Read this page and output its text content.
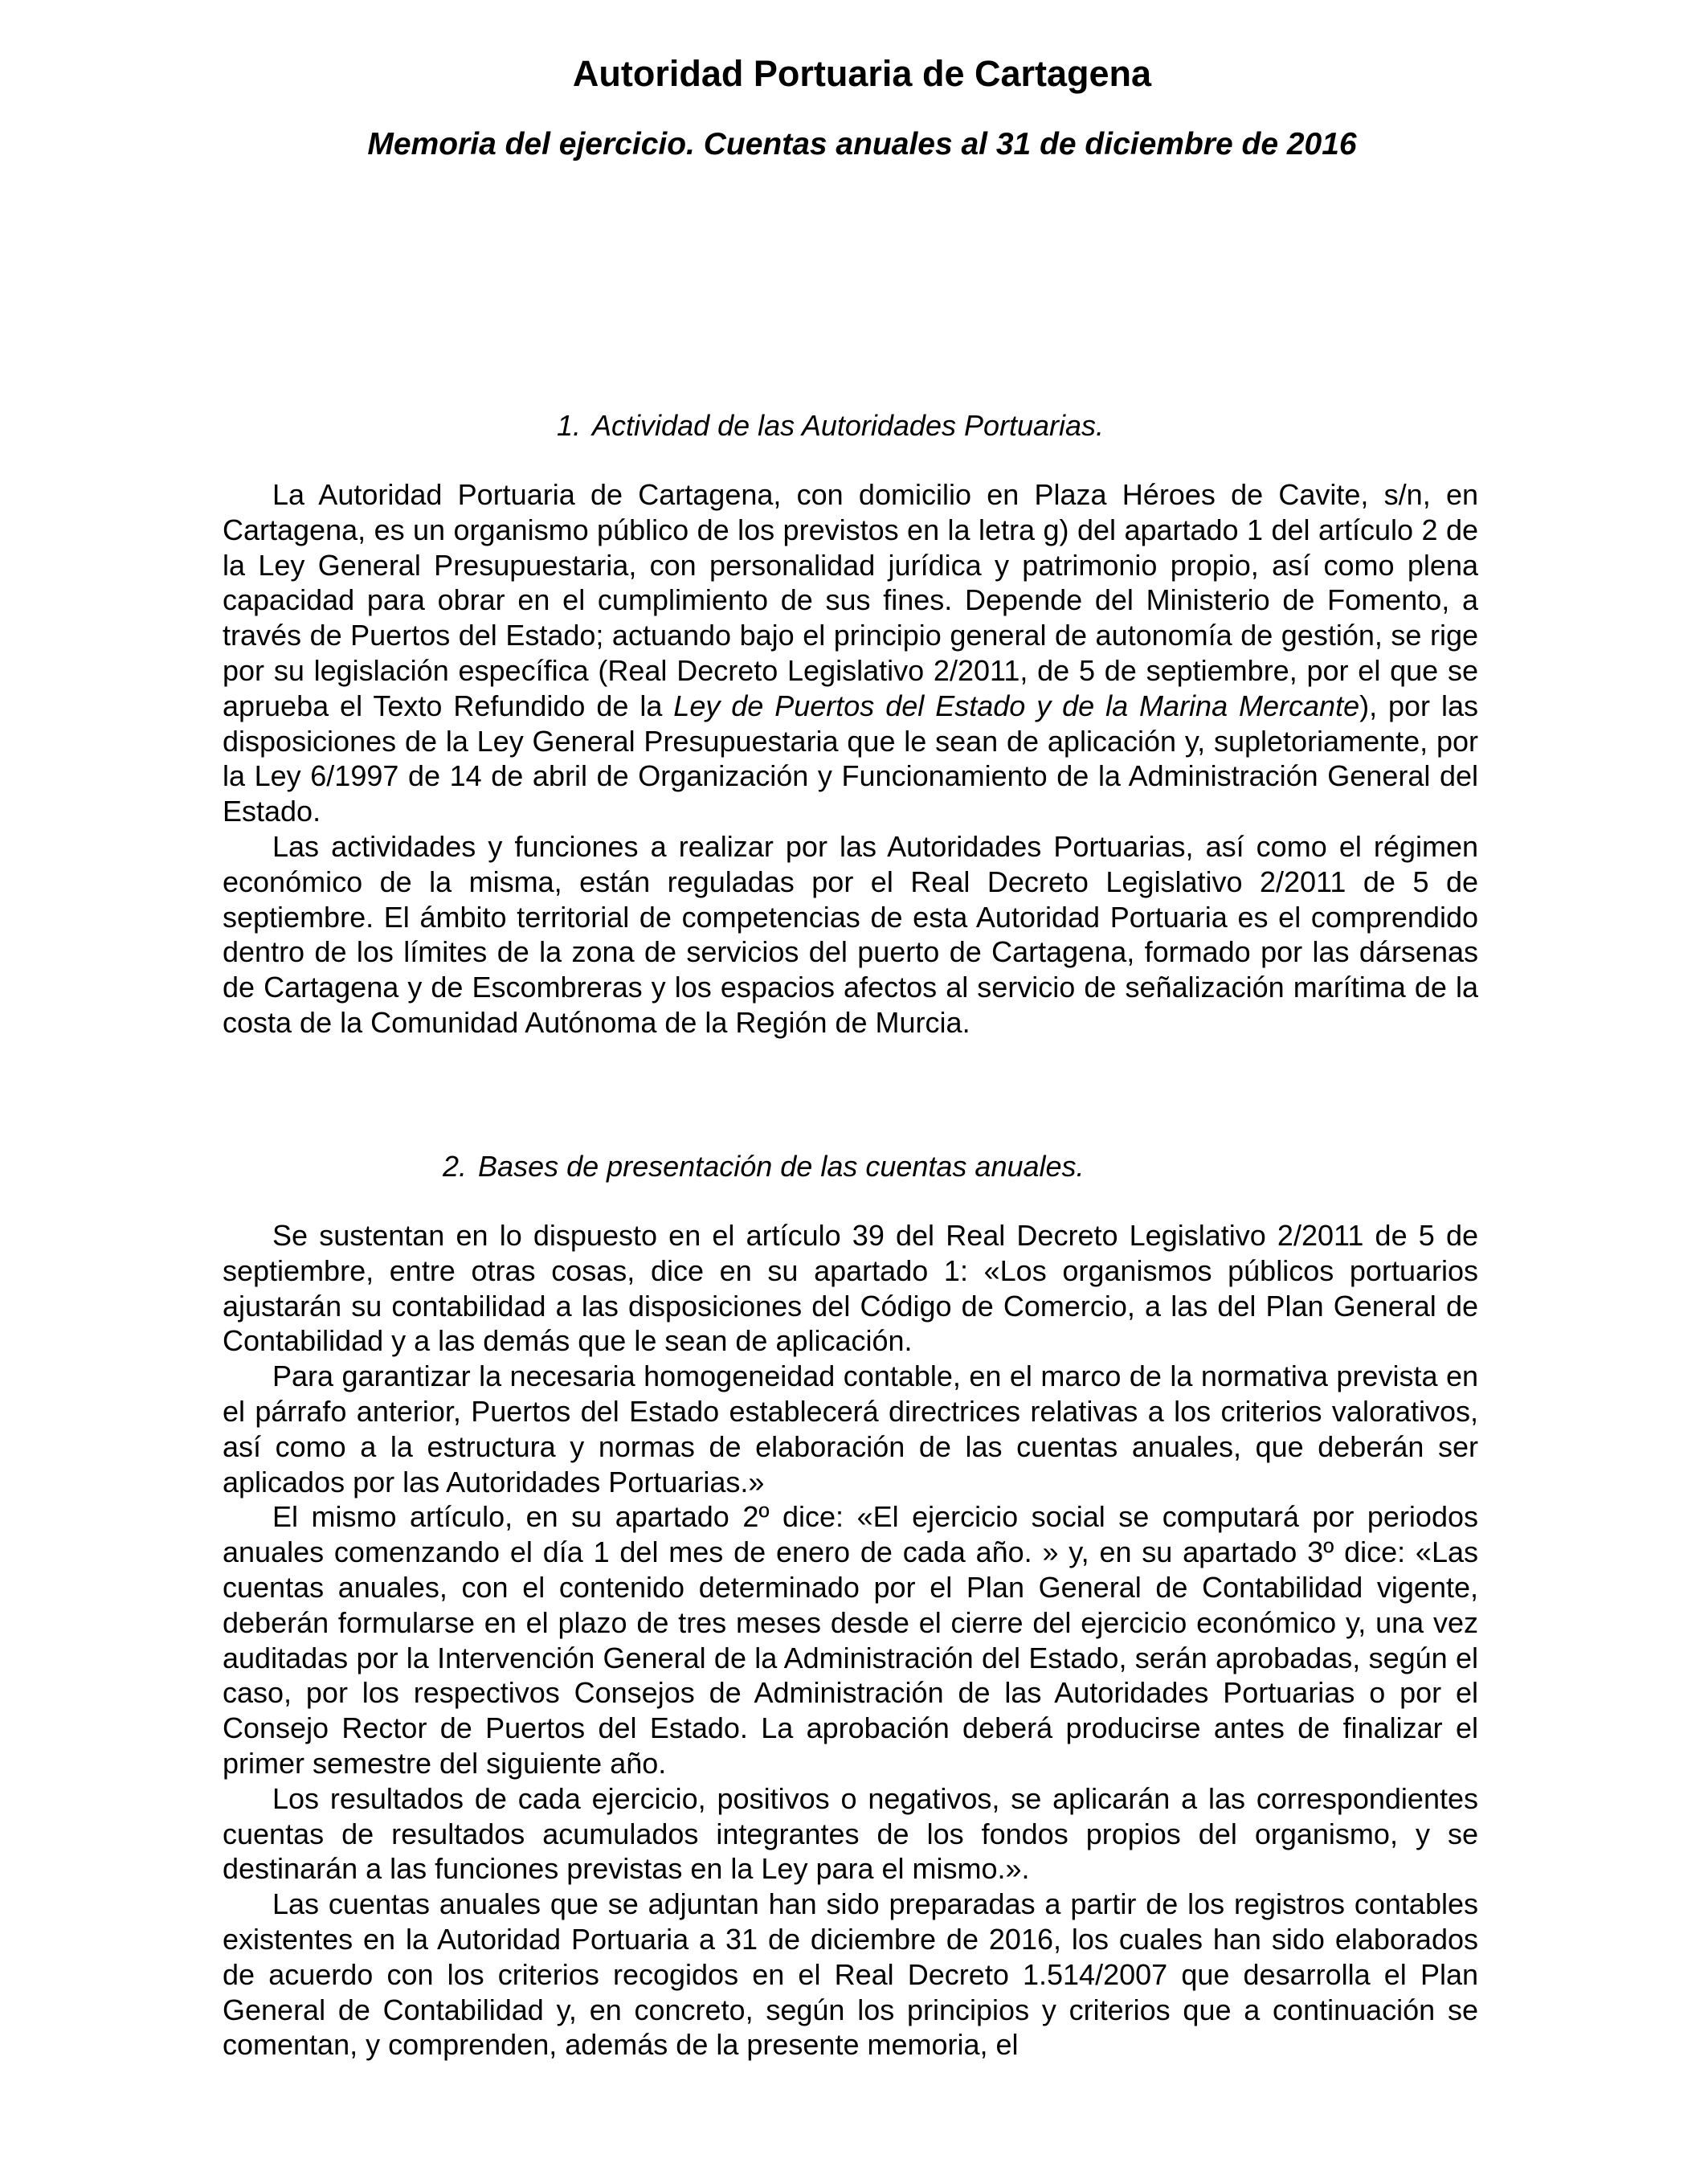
Autoridad Portuaria de Cartagena
Memoria del ejercicio. Cuentas anuales al 31 de diciembre de 2016
1. Actividad de las Autoridades Portuarias.

La Autoridad Portuaria de Cartagena, con domicilio en Plaza Héroes de Cavite, s/n, en Cartagena, es un organismo público de los previstos en la letra g) del apartado 1 del artículo 2 de la Ley General Presupuestaria, con personalidad jurídica y patrimonio propio, así como plena capacidad para obrar en el cumplimiento de sus fines. Depende del Ministerio de Fomento, a través de Puertos del Estado; actuando bajo el principio general de autonomía de gestión, se rige por su legislación específica (Real Decreto Legislativo 2/2011, de 5 de septiembre, por el que se aprueba el Texto Refundido de la Ley de Puertos del Estado y de la Marina Mercante), por las disposiciones de la Ley General Presupuestaria que le sean de aplicación y, supletoriamente, por la Ley 6/1997 de 14 de abril de Organización y Funcionamiento de la Administración General del Estado.

Las actividades y funciones a realizar por las Autoridades Portuarias, así como el régimen económico de la misma, están reguladas por el Real Decreto Legislativo 2/2011 de 5 de septiembre. El ámbito territorial de competencias de esta Autoridad Portuaria es el comprendido dentro de los límites de la zona de servicios del puerto de Cartagena, formado por las dársenas de Cartagena y de Escombreras y los espacios afectos al servicio de señalización marítima de la costa de la Comunidad Autónoma de la Región de Murcia.

2. Bases de presentación de las cuentas anuales.

Se sustentan en lo dispuesto en el artículo 39 del Real Decreto Legislativo 2/2011 de 5 de septiembre, entre otras cosas, dice en su apartado 1: «Los organismos públicos portuarios ajustarán su contabilidad a las disposiciones del Código de Comercio, a las del Plan General de Contabilidad y a las demás que le sean de aplicación.

Para garantizar la necesaria homogeneidad contable, en el marco de la normativa prevista en el párrafo anterior, Puertos del Estado establecerá directrices relativas a los criterios valorativos, así como a la estructura y normas de elaboración de las cuentas anuales, que deberán ser aplicados por las Autoridades Portuarias.»

El mismo artículo, en su apartado 2º dice: «El ejercicio social se computará por periodos anuales comenzando el día 1 del mes de enero de cada año. » y, en su apartado 3º dice: «Las cuentas anuales, con el contenido determinado por el Plan General de Contabilidad vigente, deberán formularse en el plazo de tres meses desde el cierre del ejercicio económico y, una vez auditadas por la Intervención General de la Administración del Estado, serán aprobadas, según el caso, por los respectivos Consejos de Administración de las Autoridades Portuarias o por el Consejo Rector de Puertos del Estado. La aprobación deberá producirse antes de finalizar el primer semestre del siguiente año.

Los resultados de cada ejercicio, positivos o negativos, se aplicarán a las correspondientes cuentas de resultados acumulados integrantes de los fondos propios del organismo, y se destinarán a las funciones previstas en la Ley para el mismo.».

Las cuentas anuales que se adjuntan han sido preparadas a partir de los registros contables existentes en la Autoridad Portuaria a 31 de diciembre de 2016, los cuales han sido elaborados de acuerdo con los criterios recogidos en el Real Decreto 1.514/2007 que desarrolla el Plan General de Contabilidad y, en concreto, según los principios y criterios que a continuación se comentan, y comprenden, además de la presente memoria, el
